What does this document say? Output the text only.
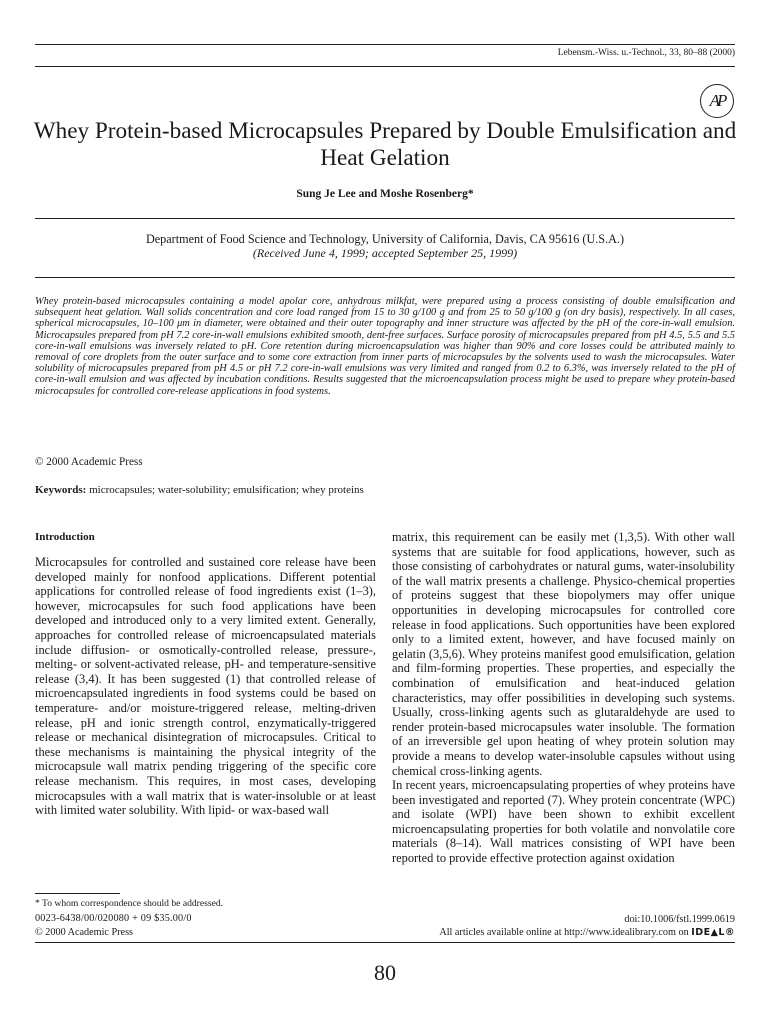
Lebensm.-Wiss. u.-Technol., 33, 80–88 (2000)
AP
Whey Protein-based Microcapsules Prepared by Double Emulsification and Heat Gelation
Sung Je Lee and Moshe Rosenberg*
Department of Food Science and Technology, University of California, Davis, CA 95616 (U.S.A.)
(Received June 4, 1999; accepted September 25, 1999)
Whey protein-based microcapsules containing a model apolar core, anhydrous milkfat, were prepared using a process consisting of double emulsification and subsequent heat gelation. Wall solids concentration and core load ranged from 15 to 30 g/100 g and from 25 to 50 g/100 g (on dry basis), respectively. In all cases, spherical microcapsules, 10–100 μm in diameter, were obtained and their outer topography and inner structure was affected by the pH of the core-in-wall emulsion. Microcapsules prepared from pH 7.2 core-in-wall emulsions exhibited smooth, dent-free surfaces. Surface porosity of microcapsules prepared from pH 4.5, 5.5 and 5.5 core-in-wall emulsions was inversely related to pH. Core retention during microencapsulation was higher than 90% and core losses could be attributed mainly to removal of core droplets from the outer surface and to some core extraction from inner parts of microcapsules by the solvents used to wash the microcapsules. Water solubility of microcapsules prepared from pH 4.5 or pH 7.2 core-in-wall emulsions was very limited and ranged from 0.2 to 6.3%, was inversely related to the pH of core-in-wall emulsion and was affected by incubation conditions. Results suggested that the microencapsulation process might be used to prepare whey protein-based microcapsules for controlled core-release applications in food systems.
© 2000 Academic Press
Keywords: microcapsules; water-solubility; emulsification; whey proteins
Introduction
Microcapsules for controlled and sustained core release have been developed mainly for nonfood applications. Different potential applications for controlled release of food ingredients exist (1–3), however, microcapsules for such food applications have been developed and introduced only to a very limited extent. Generally, approaches for controlled release of microencapsulated materials include diffusion- or osmotically-controlled release, pressure-, melting- or solvent-activated release, pH- and temperature-sensitive release (3,4). It has been suggested (1) that controlled release of microencapsulated ingredients in food systems could be based on temperature- and/or moisture-triggered release, melting-driven release, pH and ionic strength control, enzymatically-triggered release or mechanical disintegration of microcapsules. Critical to these mechanisms is maintaining the physical integrity of the microcapsule wall matrix pending triggering of the specific core release mechanism. This requires, in most cases, developing microcapsules with a wall matrix that is water-insoluble or at least with limited water solubility. With lipid- or wax-based wall
matrix, this requirement can be easily met (1,3,5). With other wall systems that are suitable for food applications, however, such as those consisting of carbohydrates or natural gums, water-insolubility of the wall matrix presents a challenge. Physico-chemical properties of proteins suggest that these biopolymers may offer unique opportunities in developing microcapsules for controlled core release in food applications. Such opportunities have been explored only to a limited extent, however, and have focused mainly on gelatin (3,5,6). Whey proteins manifest good emulsification, gelation and film-forming properties. These properties, and especially the combination of emulsification and heat-induced gelation characteristics, may offer possibilities in developing such systems. Usually, cross-linking agents such as glutaraldehyde are used to render protein-based microcapsules water insoluble. The formation of an irreversible gel upon heating of whey protein solution may provide a means to develop water-insoluble capsules without using chemical cross-linking agents.
In recent years, microencapsulating properties of whey proteins have been investigated and reported (7). Whey protein concentrate (WPC) and isolate (WPI) have been shown to exhibit excellent microencapsulating properties for both volatile and nonvolatile core materials (8–14). Wall matrices consisting of WPI have been reported to provide effective protection against oxidation
* To whom correspondence should be addressed.
0023-6438/00/020080 + 09 $35.00/0
© 2000 Academic Press
doi:10.1006/fstl.1999.0619
All articles available online at http://www.idealibrary.com on IDE▲L®
80
